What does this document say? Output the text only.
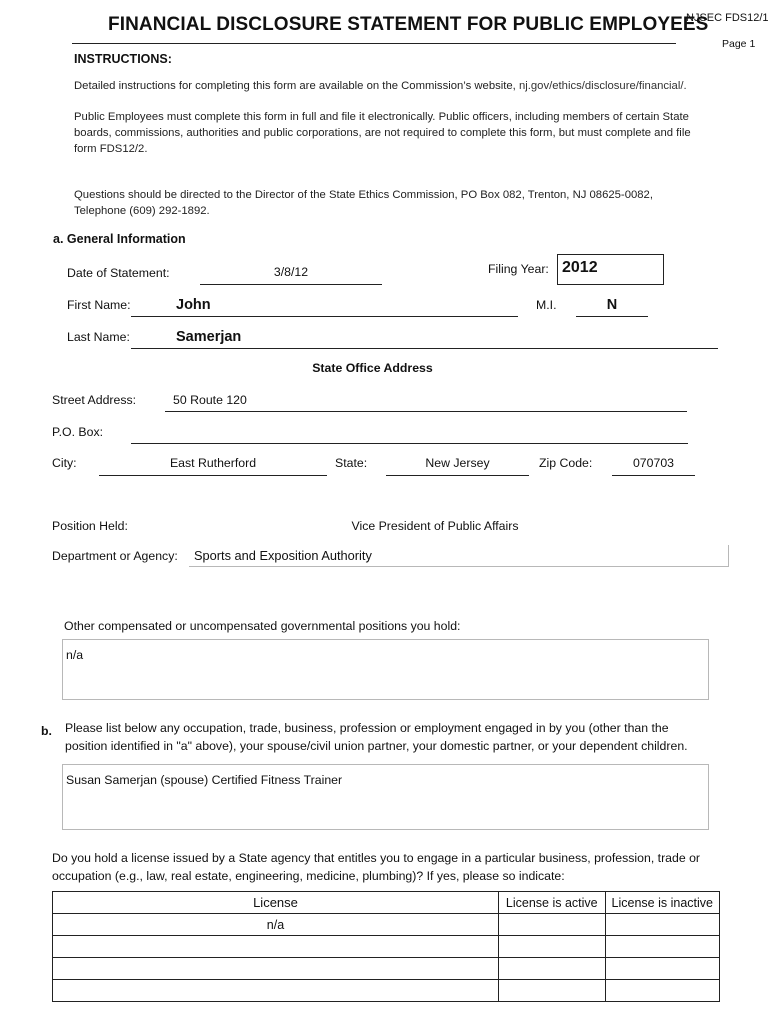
FINANCIAL DISCLOSURE STATEMENT FOR PUBLIC EMPLOYEES
NJSEC FDS12/1
Page 1
INSTRUCTIONS:
Detailed instructions for completing this form are available on the Commission’s website, nj.gov/ethics/disclosure/financial/.
Public Employees must complete this form in full and file it electronically. Public officers, including members of certain State
boards, commissions, authorities and public corporations, are not required to complete this form, but must complete and file
form FDS12/2.
Questions should be directed to the Director of the State Ethics Commission, PO Box 082, Trenton, NJ 08625-0082,
Telephone (609) 292-1892.
a. General Information
Date of Statement:	3/8/12	Filing Year: 2012
First Name:	John	M.I.	N
Last Name:	Samerjan
State Office Address
Street Address:	50 Route 120
P.O. Box:
City:	East Rutherford	State:	New Jersey	Zip Code:	070703
Position Held:	Vice President of Public Affairs
Department or Agency: Sports and Exposition Authority
Other compensated or uncompensated governmental positions you hold:
n/a
b. Please list below any occupation, trade, business, profession or employment engaged in by you (other than the
position identified in "a" above), your spouse/civil union partner, your domestic partner, or your dependent children.
Susan Samerjan (spouse) Certified Fitness Trainer
Do you hold a license issued by a State agency that entitles you to engage in a particular business, profession, trade or
occupation (e.g., law, real estate, engineering, medicine, plumbing)? If yes, please so indicate:
License	License is active	License is inactive
n/a		
